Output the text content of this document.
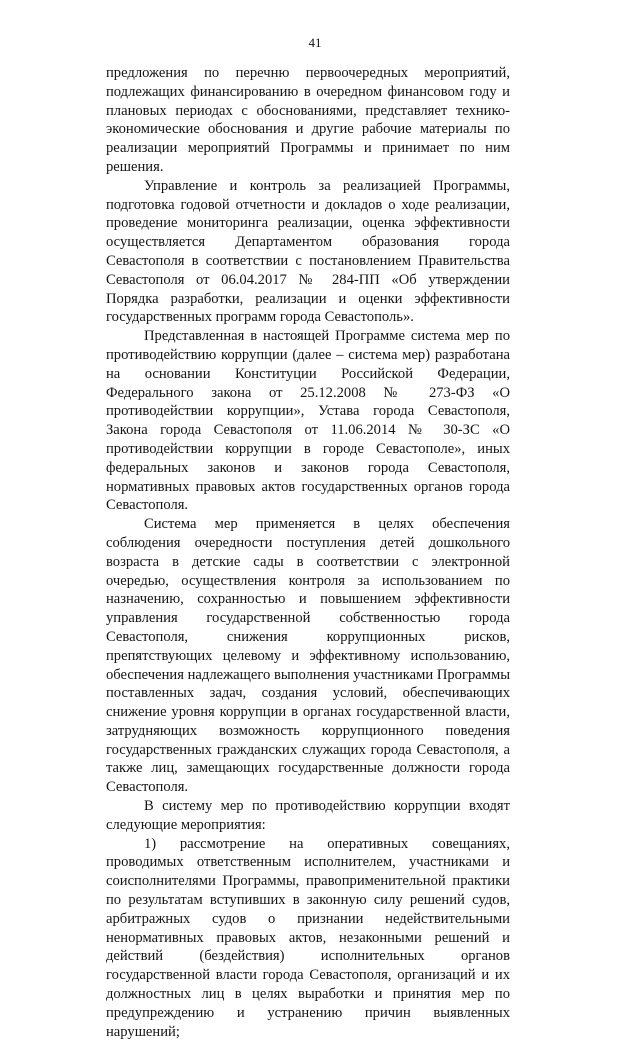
41

предложения по перечню первоочередных мероприятий, подлежащих финансированию в очередном финансовом году и плановых периодах с обоснованиями, представляет технико-экономические обоснования и другие рабочие материалы по реализации мероприятий Программы и принимает по ним решения.

Управление и контроль за реализацией Программы, подготовка годовой отчетности и докладов о ходе реализации, проведение мониторинга реализации, оценка эффективности осуществляется Департаментом образования города Севастополя в соответствии с постановлением Правительства Севастополя от 06.04.2017 № 284-ПП «Об утверждении Порядка разработки, реализации и оценки эффективности государственных программ города Севастополь».

Представленная в настоящей Программе система мер по противодействию коррупции (далее – система мер) разработана на основании Конституции Российской Федерации, Федерального закона от 25.12.2008 № 273-ФЗ «О противодействии коррупции», Устава города Севастополя, Закона города Севастополя от 11.06.2014 № 30-ЗС «О противодействии коррупции в городе Севастополе», иных федеральных законов и законов города Севастополя, нормативных правовых актов государственных органов города Севастополя.

Система мер применяется в целях обеспечения соблюдения очередности поступления детей дошкольного возраста в детские сады в соответствии с электронной очередью, осуществления контроля за использованием по назначению, сохранностью и повышением эффективности управления государственной собственностью города Севастополя, снижения коррупционных рисков, препятствующих целевому и эффективному использованию, обеспечения надлежащего выполнения участниками Программы поставленных задач, создания условий, обеспечивающих снижение уровня коррупции в органах государственной власти, затрудняющих возможность коррупционного поведения государственных гражданских служащих города Севастополя, а также лиц, замещающих государственные должности города Севастополя.

В систему мер по противодействию коррупции входят следующие мероприятия:

1) рассмотрение на оперативных совещаниях, проводимых ответственным исполнителем, участниками и соисполнителями Программы, правоприменительной практики по результатам вступивших в законную силу решений судов, арбитражных судов о признании недействительными ненормативных правовых актов, незаконными решений и действий (бездействия) исполнительных органов государственной власти города Севастополя, организаций и их должностных лиц в целях выработки и принятия мер по предупреждению и устранению причин выявленных нарушений;
